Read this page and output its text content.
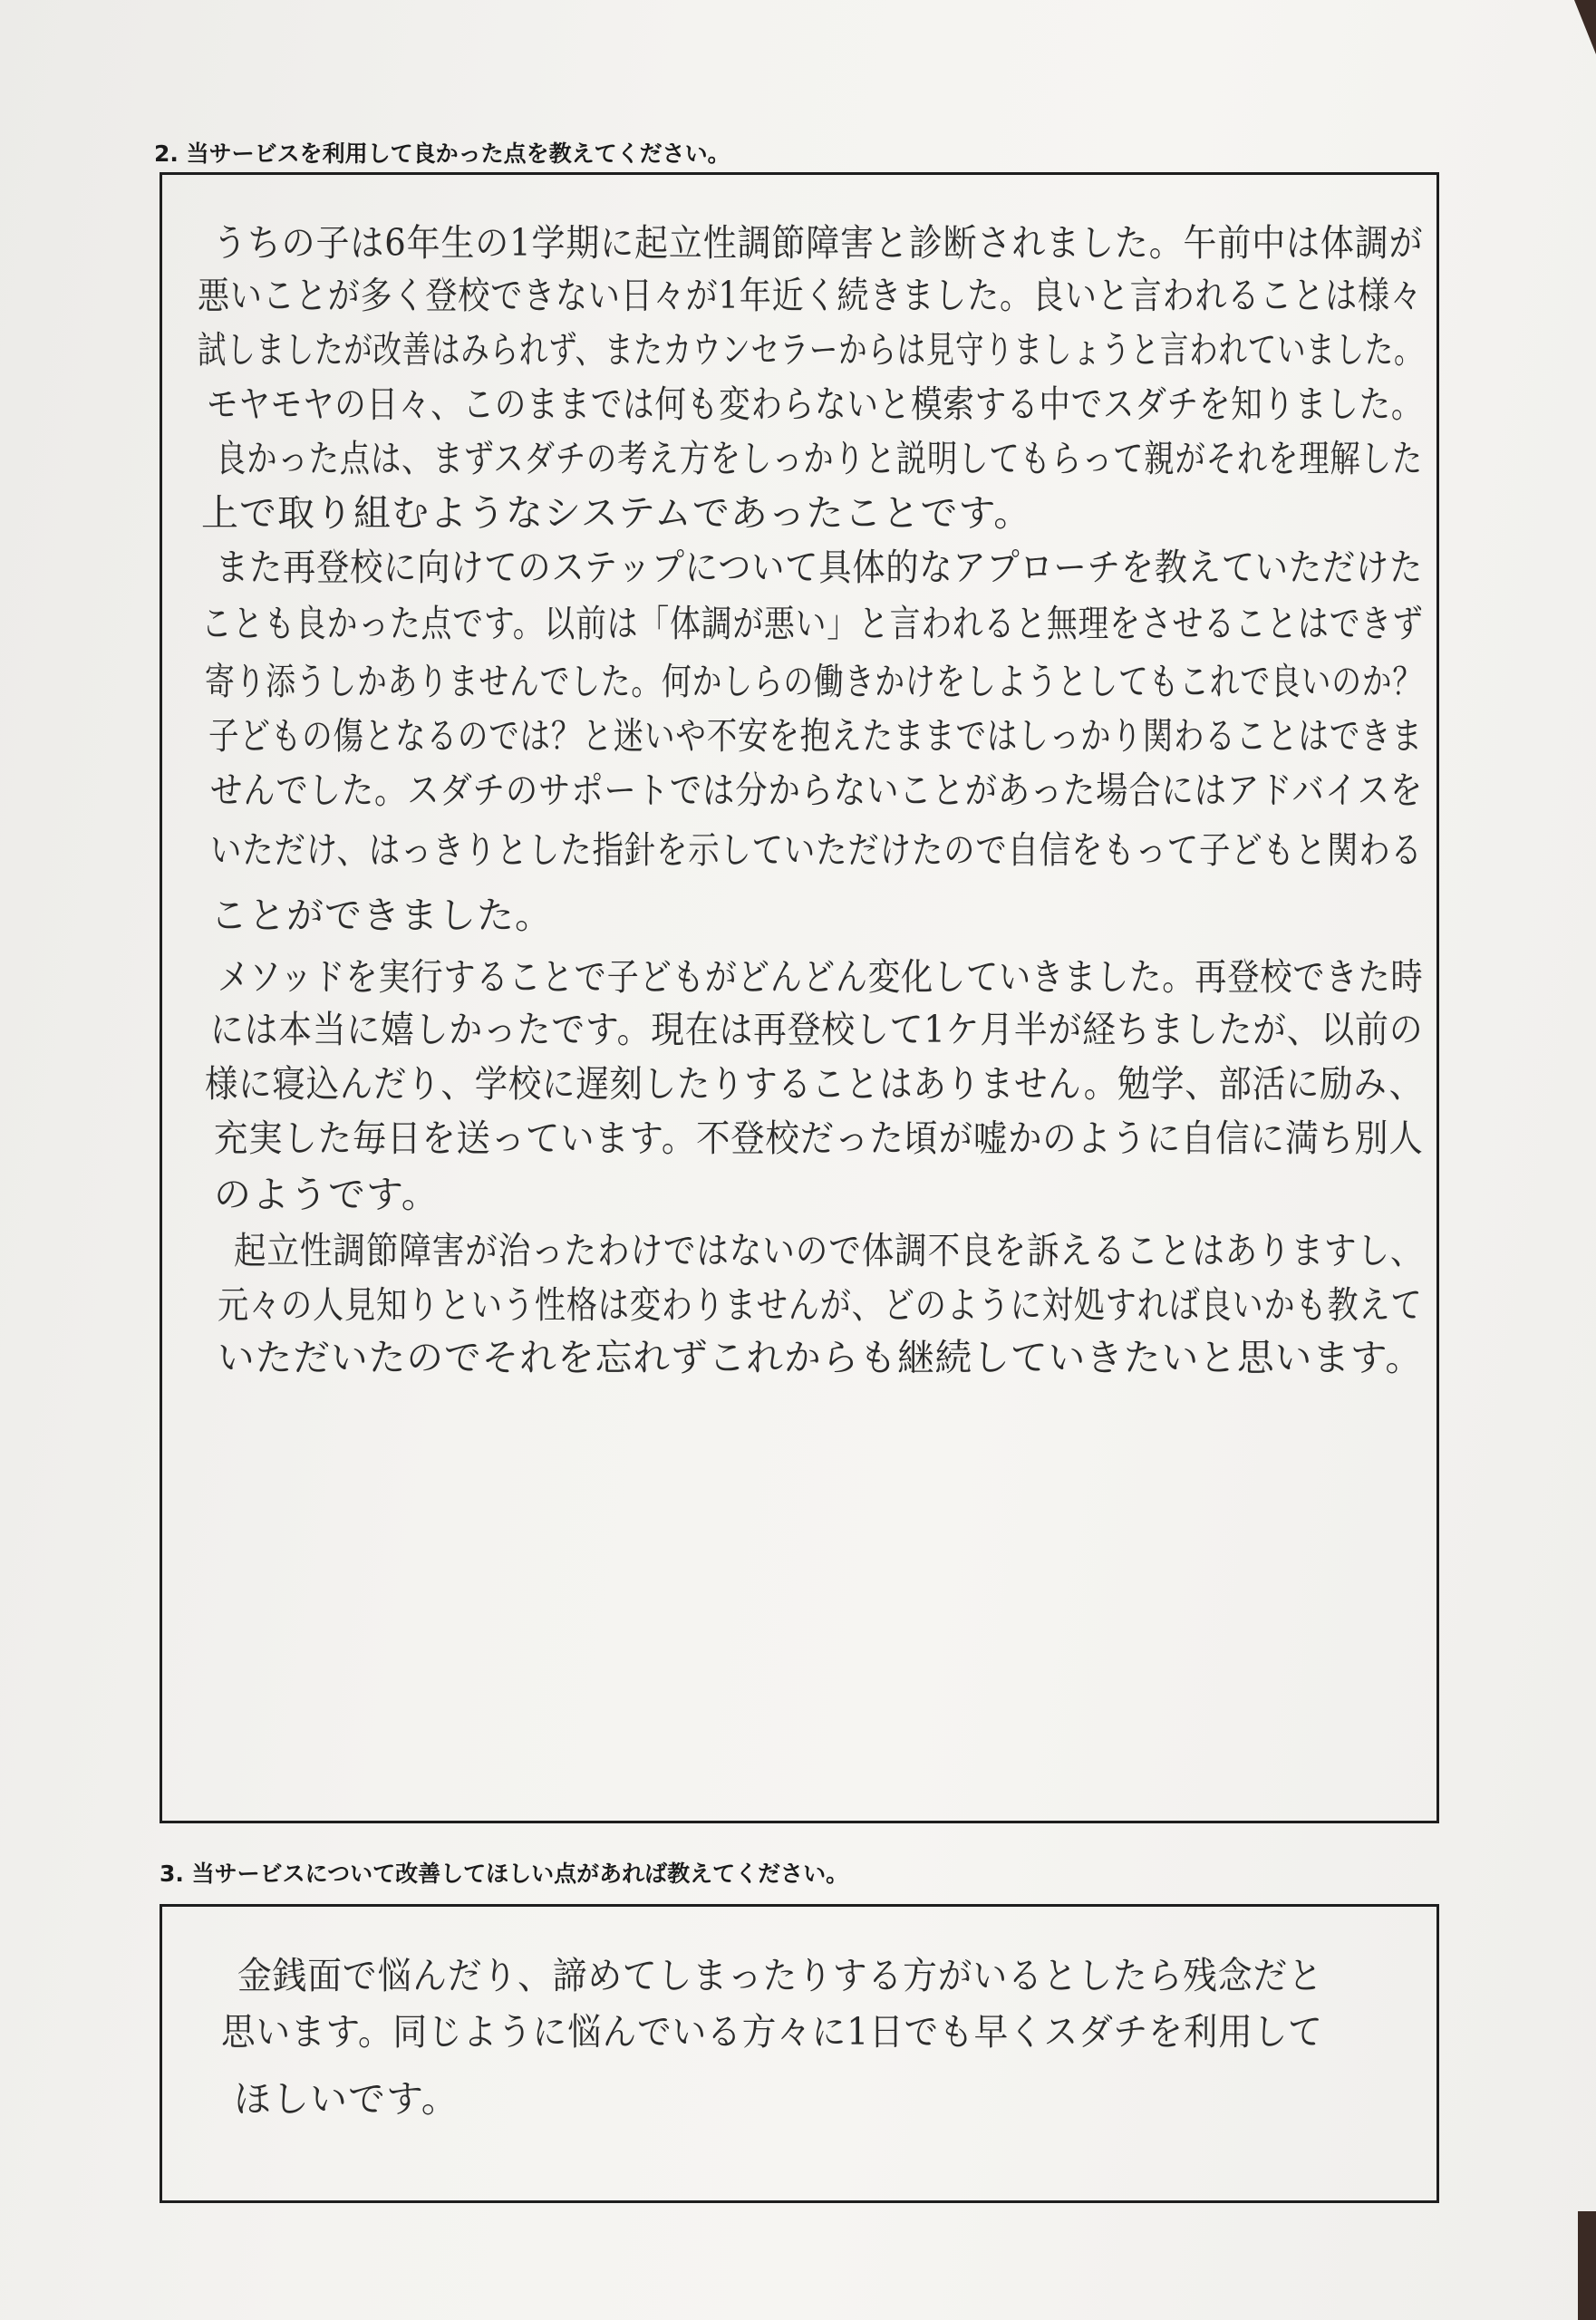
2. 当サービスを利用して良かった点を教えてください。
うちの子は6年生の1学期に起立性調節障害と診断されました。午前中は体調が
悪いことが多く登校できない日々が1年近く続きました。良いと言われることは様々
試しましたが改善はみられず、またカウンセラーからは見守りましょうと言われていました。
モヤモヤの日々、このままでは何も変わらないと模索する中でスダチを知りました。
良かった点は、まずスダチの考え方をしっかりと説明してもらって親がそれを理解した
上で取り組むようなシステムであったことです。
また再登校に向けてのステップについて具体的なアプローチを教えていただけた
ことも良かった点です。以前は「体調が悪い」と言われると無理をさせることはできず
寄り添うしかありませんでした。何かしらの働きかけをしようとしてもこれで良いのか？
子どもの傷となるのでは？と迷いや不安を抱えたままではしっかり関わることはできま
せんでした。スダチのサポートでは分からないことがあった場合にはアドバイスを
いただけ、はっきりとした指針を示していただけたので自信をもって子どもと関わる
ことができました。
メソッドを実行することで子どもがどんどん変化していきました。再登校できた時
には本当に嬉しかったです。現在は再登校して1ケ月半が経ちましたが、以前の
様に寝込んだり、学校に遅刻したりすることはありません。勉学、部活に励み、
充実した毎日を送っています。不登校だった頃が嘘かのように自信に満ち別人
のようです。
起立性調節障害が治ったわけではないので体調不良を訴えることはありますし、
元々の人見知りという性格は変わりませんが、どのように対処すれば良いかも教えて
いただいたのでそれを忘れずこれからも継続していきたいと思います。
3. 当サービスについて改善してほしい点があれば教えてください。
金銭面で悩んだり、諦めてしまったりする方がいるとしたら残念だと
思います。同じように悩んでいる方々に1日でも早くスダチを利用して
ほしいです。
